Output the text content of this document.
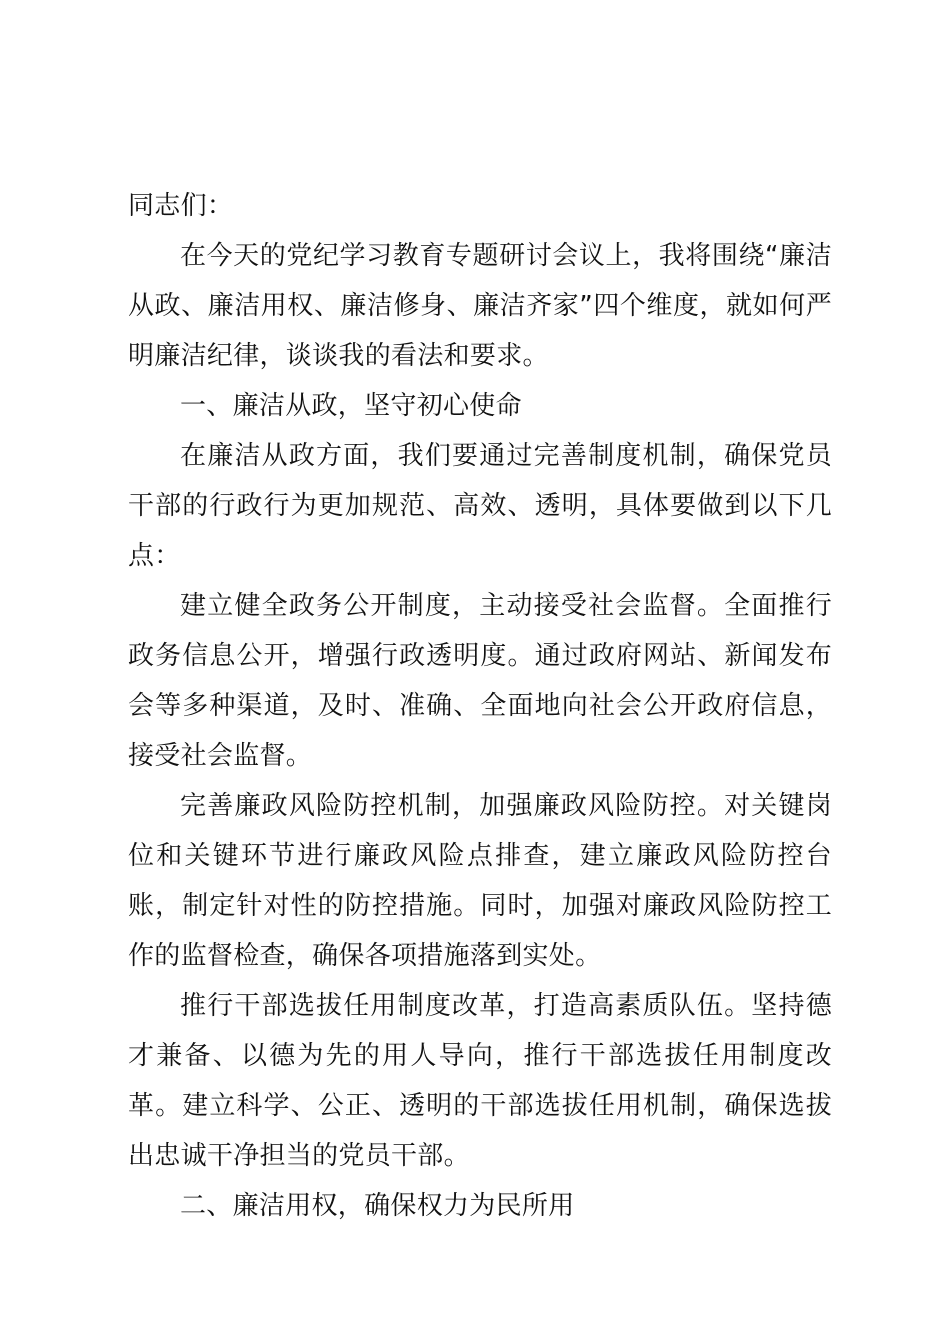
同志们：

在今天的党纪学习教育专题研讨会议上，我将围绕“廉洁从政、廉洁用权、廉洁修身、廉洁齐家”四个维度，就如何严明廉洁纪律，谈谈我的看法和要求。

一、廉洁从政，坚守初心使命

在廉洁从政方面，我们要通过完善制度机制，确保党员干部的行政行为更加规范、高效、透明，具体要做到以下几点：

建立健全政务公开制度，主动接受社会监督。全面推行政务信息公开，增强行政透明度。通过政府网站、新闻发布会等多种渠道，及时、准确、全面地向社会公开政府信息，接受社会监督。

完善廉政风险防控机制，加强廉政风险防控。对关键岗位和关键环节进行廉政风险点排查，建立廉政风险防控台账，制定针对性的防控措施。同时，加强对廉政风险防控工作的监督检查，确保各项措施落到实处。

推行干部选拔任用制度改革，打造高素质队伍。坚持德才兼备、以德为先的用人导向，推行干部选拔任用制度改革。建立科学、公正、透明的干部选拔任用机制，确保选拔出忠诚干净担当的党员干部。

二、廉洁用权，确保权力为民所用
